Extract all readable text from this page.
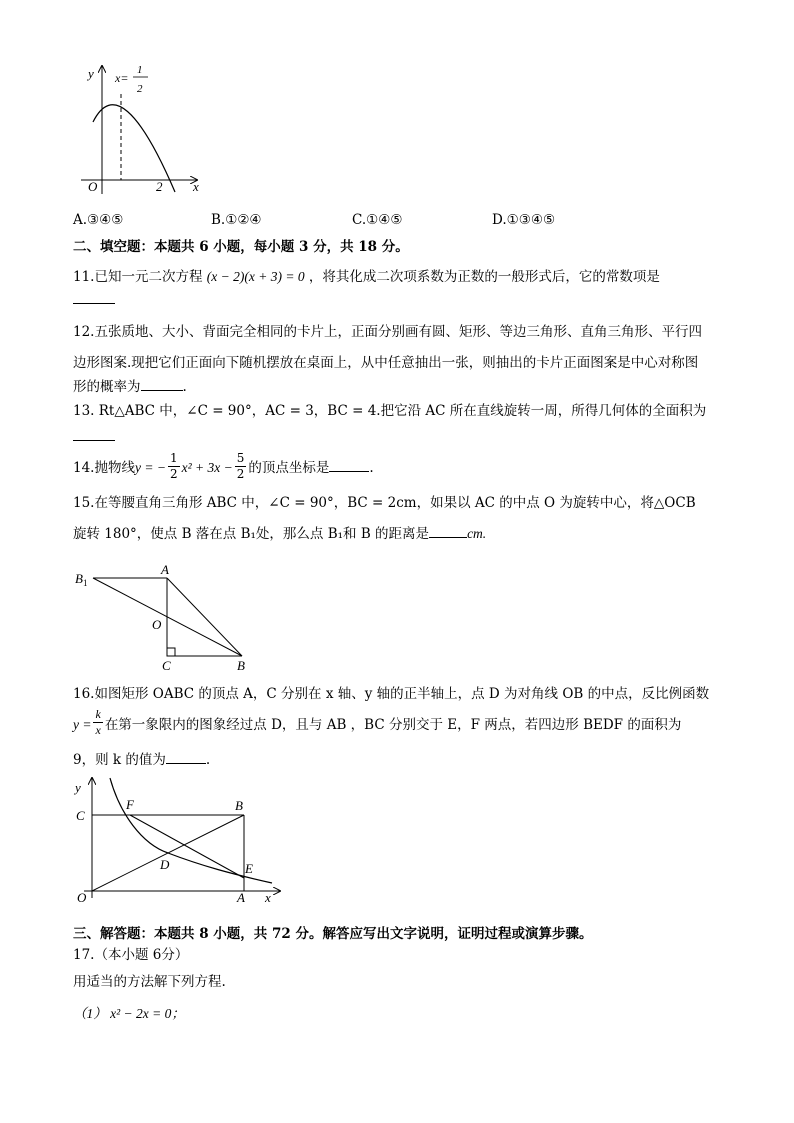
y
x
O	2
x=
1
2
A.③④⑤	B.①②④	C.①④⑤	D.①③④⑤
二、填空题：本题共 6 小题，每小题 3 分，共 18 分。
11.已知一元二次方程 (x − 2)(x + 3) = 0 ，将其化成二次项系数为正数的一般形式后，它的常数项是
12.五张质地、大小、背面完全相同的卡片上，正面分别画有圆、矩形、等边三角形、直角三角形、平行四
边形图案.现把它们正面向下随机摆放在桌面上，从中任意抽出一张，则抽出的卡片正面图案是中心对称图
形的概率为	.
13. Rt△ABC 中，∠C = 90°，AC = 3，BC = 4.把它沿 AC 所在直线旋转一周，所得几何体的全面积为
14.抛物线y = − $\frac{1}{2} x^2 + 3x - \frac{5}{2}$ 的顶点坐标是	.
15.在等腰直角三角形 ABC 中，∠C = 90°，BC = 2cm，如果以 AC 的中点 O 为旋转中心，将△OCB
旋转 180°，使点 B 落在点 B₁处，那么点 B₁和 B 的距离是	cm.
$B_1$
A
O
C	B
16.如图矩形 OABC 的顶点 A，C 分别在 x 轴、y 轴的正半轴上，点 D 为对角线 OB 的中点，反比例函数
$y = \frac{k}{x}$ 在第一象限内的图象经过点 D，且与 AB ，BC 分别交于 E，F 两点，若四边形 BEDF 的面积为
9，则 k 的值为	.
y
x
O
C
F	B
D	E
A
三、解答题：本题共 8 小题，共 72 分。解答应写出文字说明，证明过程或演算步骤。
17.（本小题 6分）
用适当的方法解下列方程.
（1） x² − 2x = 0；
